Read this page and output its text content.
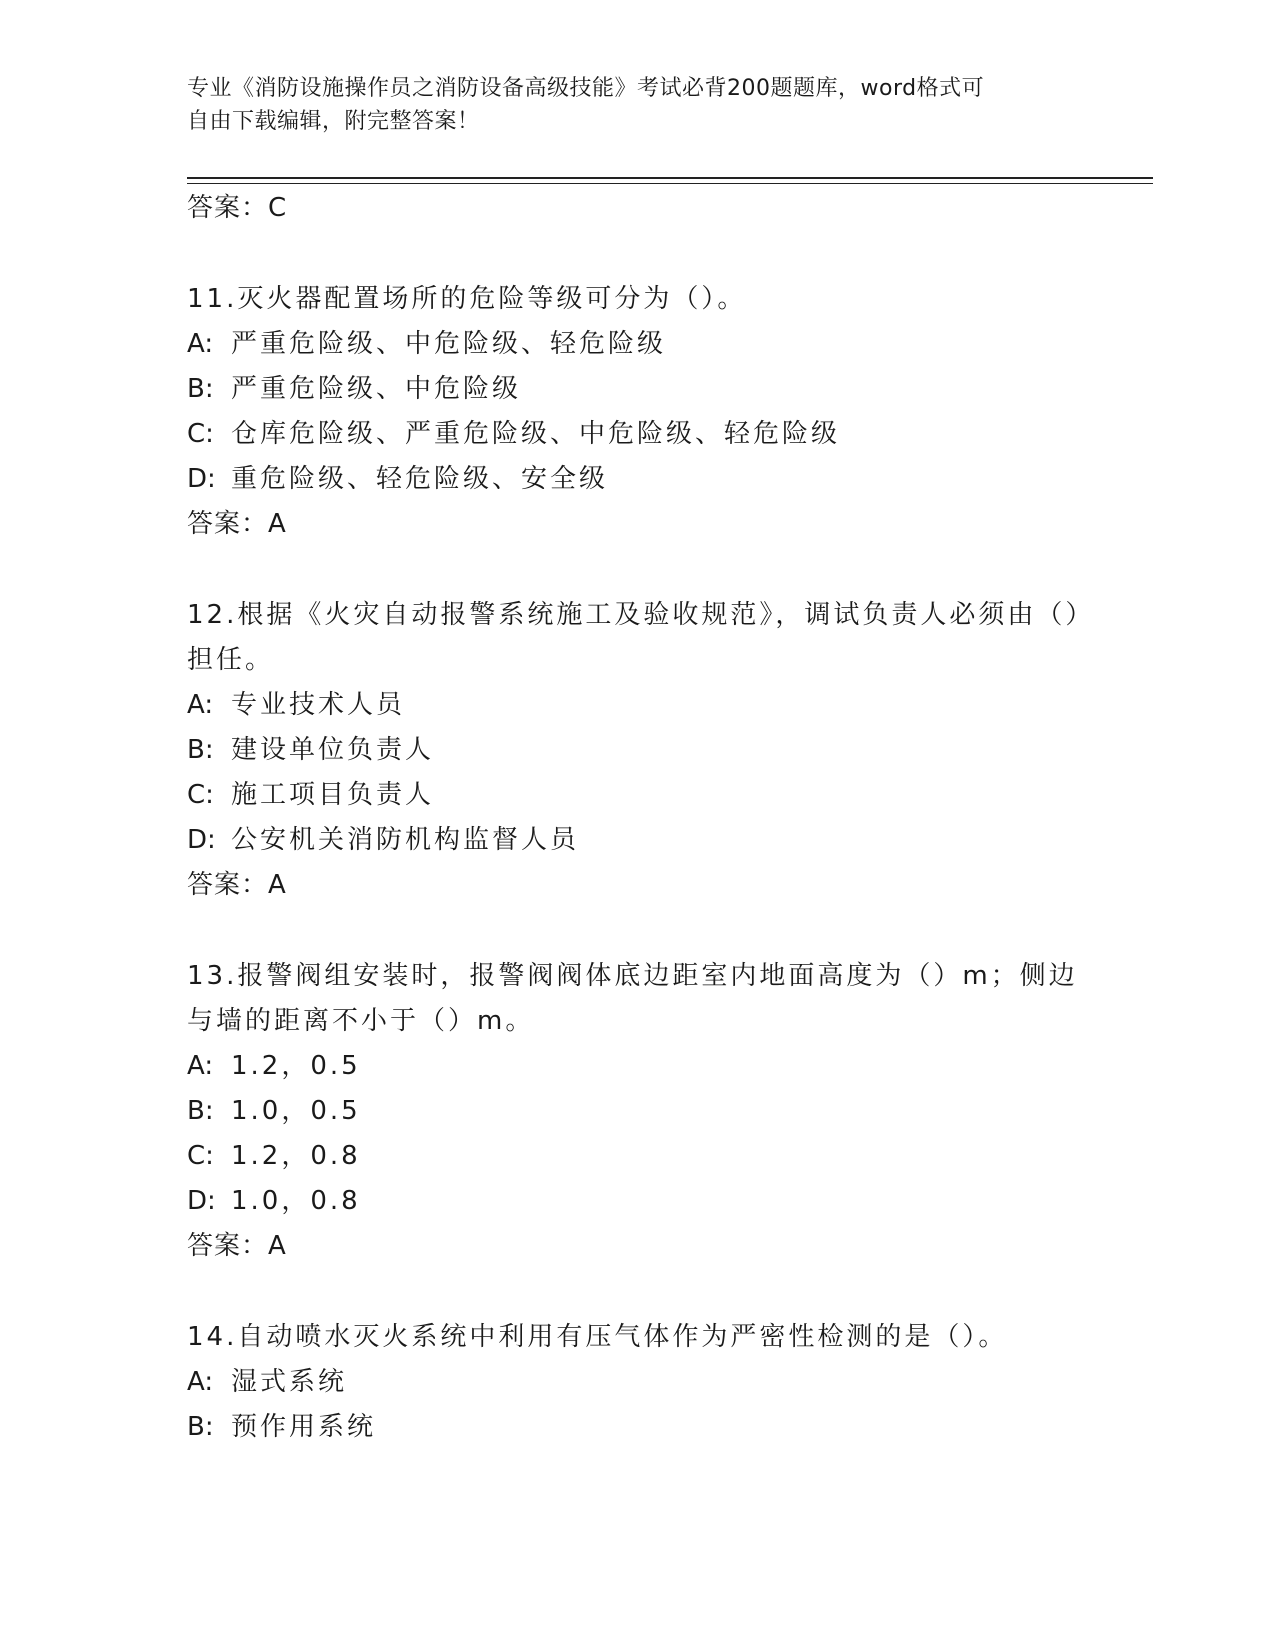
专业《消防设施操作员之消防设备高级技能》考试必背200题题库，word格式可
自由下载编辑，附完整答案！
答案：C
11.灭火器配置场所的危险等级可分为（）。
A: 严重危险级、中危险级、轻危险级
B: 严重危险级、中危险级
C: 仓库危险级、严重危险级、中危险级、轻危险级
D: 重危险级、轻危险级、安全级
答案：A
12.根据《火灾自动报警系统施工及验收规范》，调试负责人必须由（）担任。
A: 专业技术人员
B: 建设单位负责人
C: 施工项目负责人
D: 公安机关消防机构监督人员
答案：A
13.报警阀组安装时，报警阀阀体底边距室内地面高度为（）m；侧边与墙的距离不小于（）m。
A: 1.2，0.5
B: 1.0，0.5
C: 1.2，0.8
D: 1.0，0.8
答案：A
14.自动喷水灭火系统中利用有压气体作为严密性检测的是（）。
A: 湿式系统
B: 预作用系统
